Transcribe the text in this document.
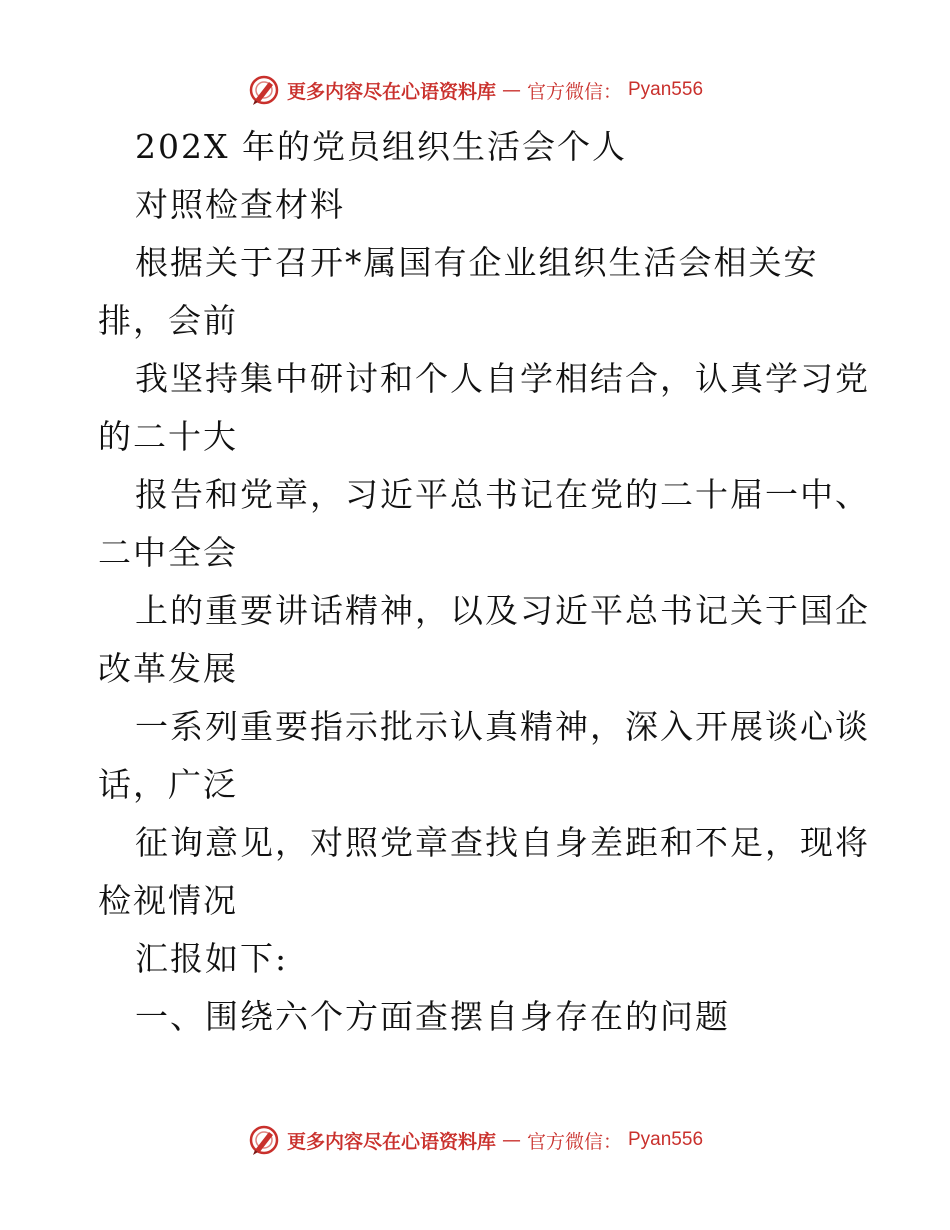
更多内容尽在心语资料库 — 官方微信： Pyan556
202X 年的党员组织生活会个人
对照检查材料
根据关于召开*属国有企业组织生活会相关安
排，会前
我坚持集中研讨和个人自学相结合，认真学习党
的二十大
报告和党章，习近平总书记在党的二十届一中、
二中全会
上的重要讲话精神，以及习近平总书记关于国企
改革发展
一系列重要指示批示认真精神，深入开展谈心谈
话，广泛
征询意见，对照党章查找自身差距和不足，现将
检视情况
汇报如下:
一、围绕六个方面查摆自身存在的问题
更多内容尽在心语资料库 — 官方微信： Pyan556
